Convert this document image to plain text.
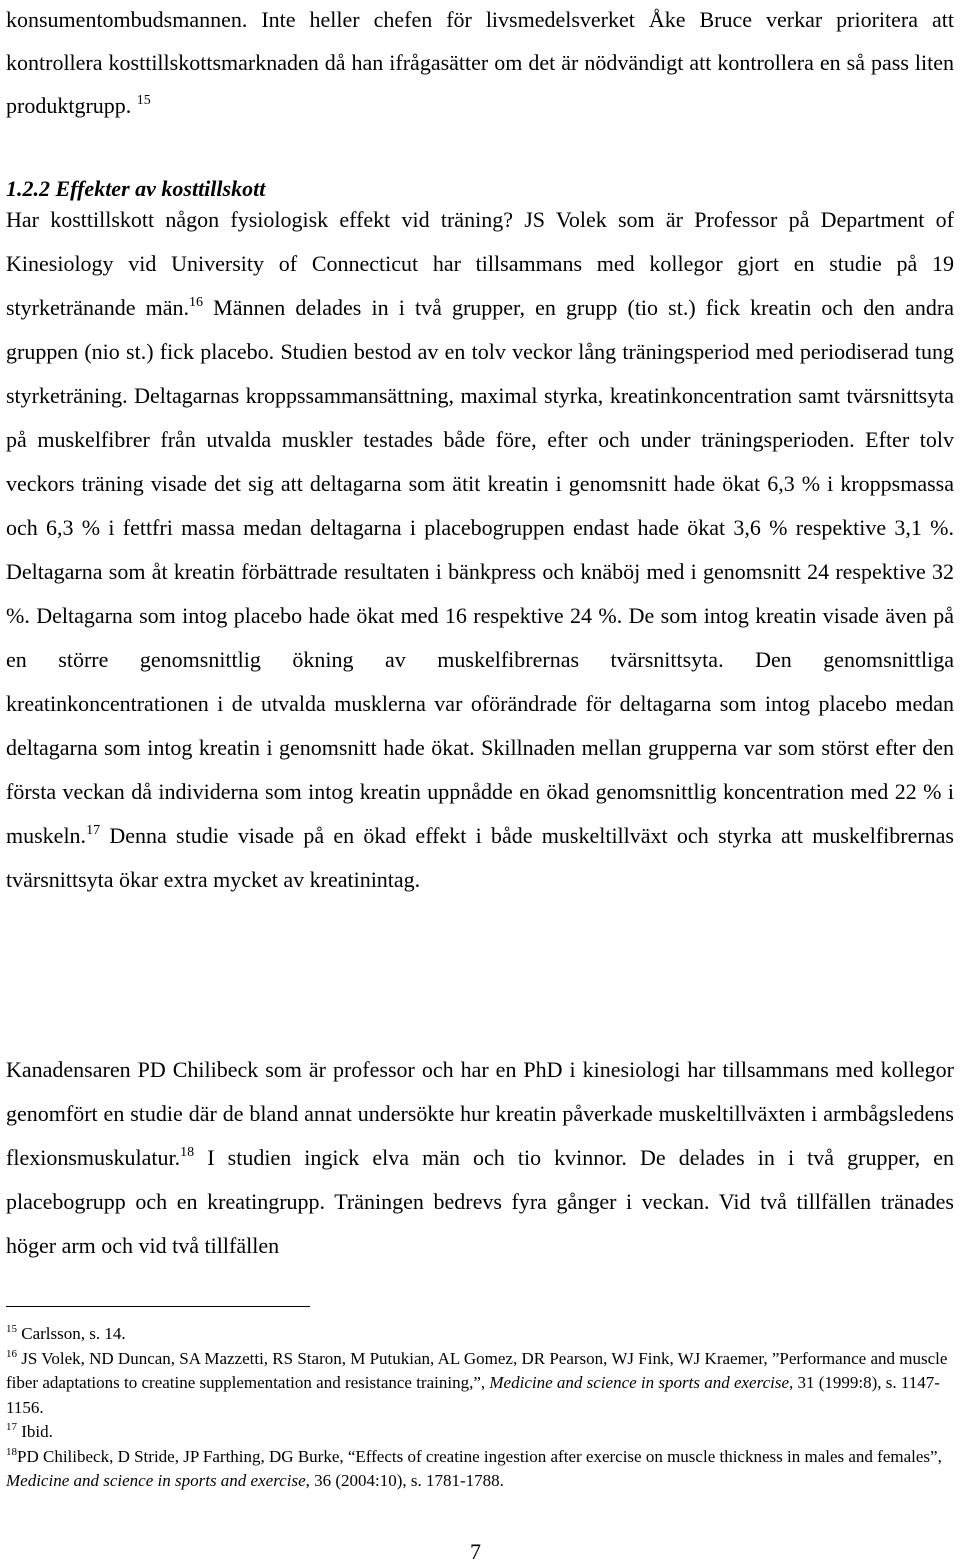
konsumentombudsmannen. Inte heller chefen för livsmedelsverket Åke Bruce verkar prioritera att kontrollera kosttillskottsmarknaden då han ifrågasätter om det är nödvändigt att kontrollera en så pass liten produktgrupp. $^{15}$

1.2.2 Effekter av kosttillskott

Har kosttillskott någon fysiologisk effekt vid träning? JS Volek som är Professor på Department of Kinesiology vid University of Connecticut har tillsammans med kollegor gjort en studie på 19 styrketränande män.$^{16}$ Männen delades in i två grupper, en grupp (tio st.) fick kreatin och den andra gruppen (nio st.) fick placebo. Studien bestod av en tolv veckor lång träningsperiod med periodiserad tung styrketräning. Deltagarnas kroppssammansättning, maximal styrka, kreatinkoncentration samt tvärsnittsyta på muskelfibrer från utvalda muskler testades både före, efter och under träningsperioden. Efter tolv veckors träning visade det sig att deltagarna som ätit kreatin i genomsnitt hade ökat 6,3 % i kroppsmassa och 6,3 % i fettfri massa medan deltagarna i placebogruppen endast hade ökat 3,6 % respektive 3,1 %. Deltagarna som åt kreatin förbättrade resultaten i bänkpress och knäböj med i genomsnitt 24 respektive 32 %. Deltagarna som intog placebo hade ökat med 16 respektive 24 %. De som intog kreatin visade även på en större genomsnittlig ökning av muskelfibrernas tvärsnittsyta. Den genomsnittliga kreatinkoncentrationen i de utvalda musklerna var oförändrade för deltagarna som intog placebo medan deltagarna som intog kreatin i genomsnitt hade ökat. Skillnaden mellan grupperna var som störst efter den första veckan då individerna som intog kreatin uppnådde en ökad genomsnittlig koncentration med 22 % i muskeln.$^{17}$ Denna studie visade på en ökad effekt i både muskeltillväxt och styrka att muskelfibrernas tvärsnittsyta ökar extra mycket av kreatinintag.

Kanadensaren PD Chilibeck som är professor och har en PhD i kinesiologi har tillsammans med kollegor genomfört en studie där de bland annat undersökte hur kreatin påverkade muskeltillväxten i armbågsledens flexionsmuskulatur.$^{18}$ I studien ingick elva män och tio kvinnor. De delades in i två grupper, en placebogrupp och en kreatingrupp. Träningen bedrevs fyra gånger i veckan. Vid två tillfällen tränades höger arm och vid två tillfällen

$^{15}$ Carlsson, s. 14.

$^{16}$ JS Volek, ND Duncan, SA Mazzetti, RS Staron, M Putukian, AL Gomez, DR Pearson, WJ Fink, WJ Kraemer, ”Performance and muscle fiber adaptations to creatine supplementation and resistance training,”, Medicine and science in sports and exercise, 31 (1999:8), s. 1147-1156.

$^{17}$ Ibid.

$^{18}$PD Chilibeck, D Stride, JP Farthing, DG Burke, “Effects of creatine ingestion after exercise on muscle thickness in males and females”, Medicine and science in sports and exercise, 36 (2004:10), s. 1781-1788.

7
